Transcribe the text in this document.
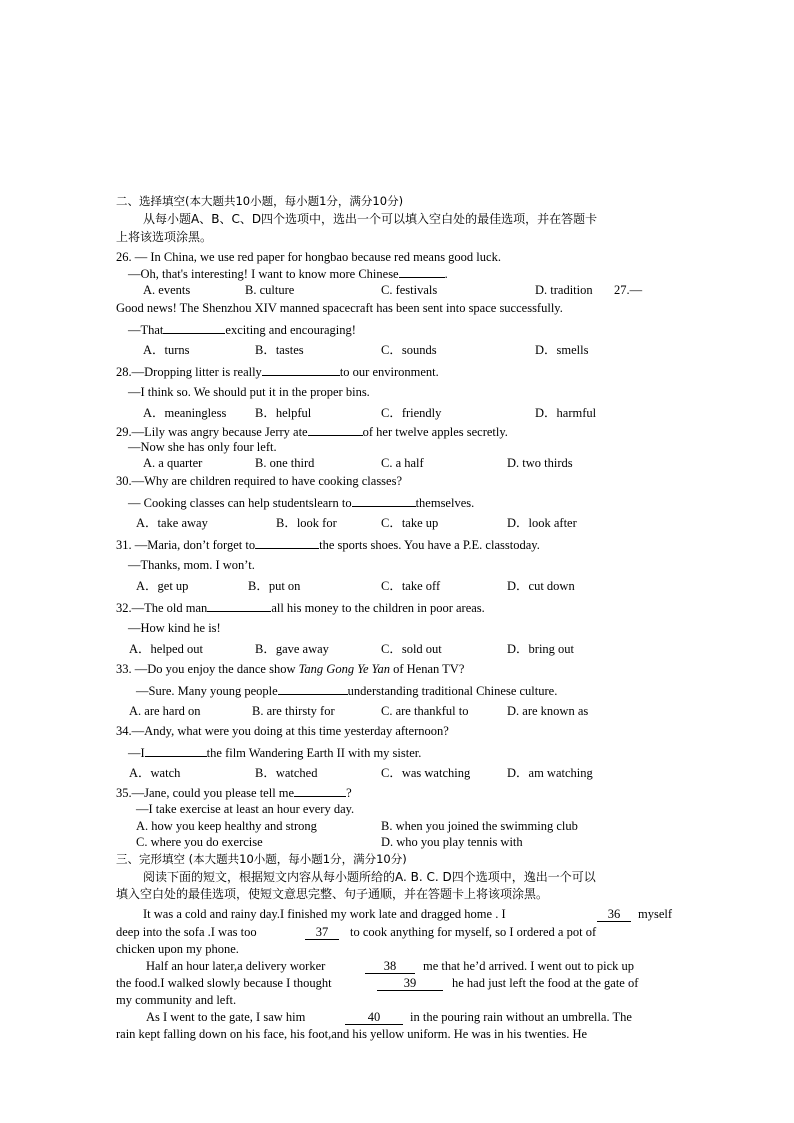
二、选择填空(本大题共10小题，每小题1分，满分10分)
从每小题A、B、C、D四个选项中，选出一个可以填入空白处的最佳选项，并在答题卡
上将该选项涂黑。
26. — In China, we use red paper for hongbao because red means good luck.
—Oh, that's interesting! I want to know more Chinese	.
A. events	B. culture	C. festivals	D. tradition 27.—
Good news! The Shenzhou XIV manned spacecraft has been sent into space successfully.
—That	exciting and encouraging!
A．turns	B．tastes	C．sounds	D．smells
28.—Dropping litter is really	to our environment.
—I think so. We should put it in the proper bins.
A．meaningless B．helpful	C．friendly	D．harmful
29.—Lily was angry because Jerry ate	of her twelve apples secretly.
—Now she has only four left.
A. a quarter	B. one third	C. a half	D. two thirds
30.—Why are children required to have cooking classes?
— Cooking classes can help studentslearn to	themselves.
A．take away	B．look for	C．take up	D．look after
31. —Maria, don’t forget to	the sports shoes. You have a P.E. classtoday.
—Thanks, mom. I won’t.
A．get up	B．put on	C．take off	D．cut down
32.—The old man	all his money to the children in poor areas.
—How kind he is!
A．helped out	B．gave away	C．sold out	D．bring out
33. —Do you enjoy the dance show Tang Gong Ye Yan of Henan TV?
—Sure. Many young people	understanding traditional Chinese culture.
A. are hard on	B. are thirsty for	C. are thankful to	D. are known as
34.—Andy, what were you doing at this time yesterday afternoon?
—I	the film Wandering Earth II with my sister.
A．watch	B．watched	C．was watching	D．am watching
35.—Jane, could you please tell me	?
—I take exercise at least an hour every day.
A. how you keep healthy and strong	B. when you joined the swimming club
C. where you do exercise	D. who you play tennis with
三、完形填空 (本大题共10小题，每小题1分，满分10分)
阅读下面的短文，根据短文内容从每小题所给的A. B. C. D四个选项中，逸出一个可以
填入空白处的最佳选项，使短文意思完整、句子通顺，并在答题卡上将该项涂黑。
It was a cold and rainy day.I finished my work late and dragged home . I	36	myself
deep into the sofa .I was too	37	to cook anything for myself, so I ordered a pot of
chicken upon my phone.
Half an hour later,a delivery worker	38	me that he’d arrived. I went out to pick up
the food.I walked slowly because I thought	39	he had just left the food at the gate of
my community and left.
As I went to the gate, I saw him	40	in the pouring rain without an umbrella. The
rain kept falling down on his face, his foot,and his yellow uniform. He was in his twenties. He
